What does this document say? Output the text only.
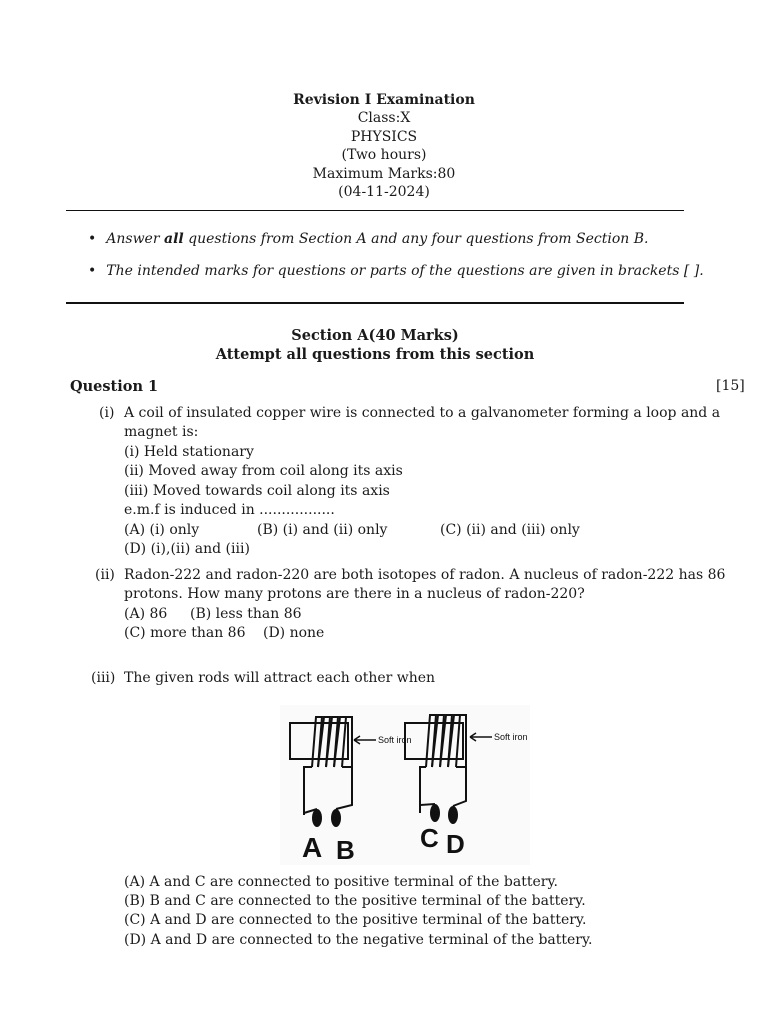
Revision I Examination
Class:X
PHYSICS
(Two hours)
Maximum Marks:80
(04-11-2024)
• Answer all questions from Section A and any four questions from Section B.
• The intended marks for questions or parts of the questions are given in brackets [ ].
Section A(40 Marks)
Attempt all questions from this section
Question 1	[15]
(i) A coil of insulated copper wire is connected to a galvanometer forming a loop and a
magnet is:
(i) Held stationary
(ii) Moved away from coil along its axis
(iii) Moved towards coil along its axis
e.m.f is induced in .................
(A) (i) only	(B) (i) and (ii) only	(C) (ii) and (iii) only
(D) (i),(ii) and (iii)
(ii) Radon-222 and radon-220 are both isotopes of radon. A nucleus of radon-222 has 86
protons. How many protons are there in a nucleus of radon-220?
(A) 86 (B) less than 86
(C) more than 86 (D) none
(iii) The given rods will attract each other when
Soft iron
A B
Soft iron
C D
(A) A and C are connected to positive terminal of the battery.
(B) B and C are connected to the positive terminal of the battery.
(C) A and D are connected to the positive terminal of the battery.
(D) A and D are connected to the negative terminal of the battery.
